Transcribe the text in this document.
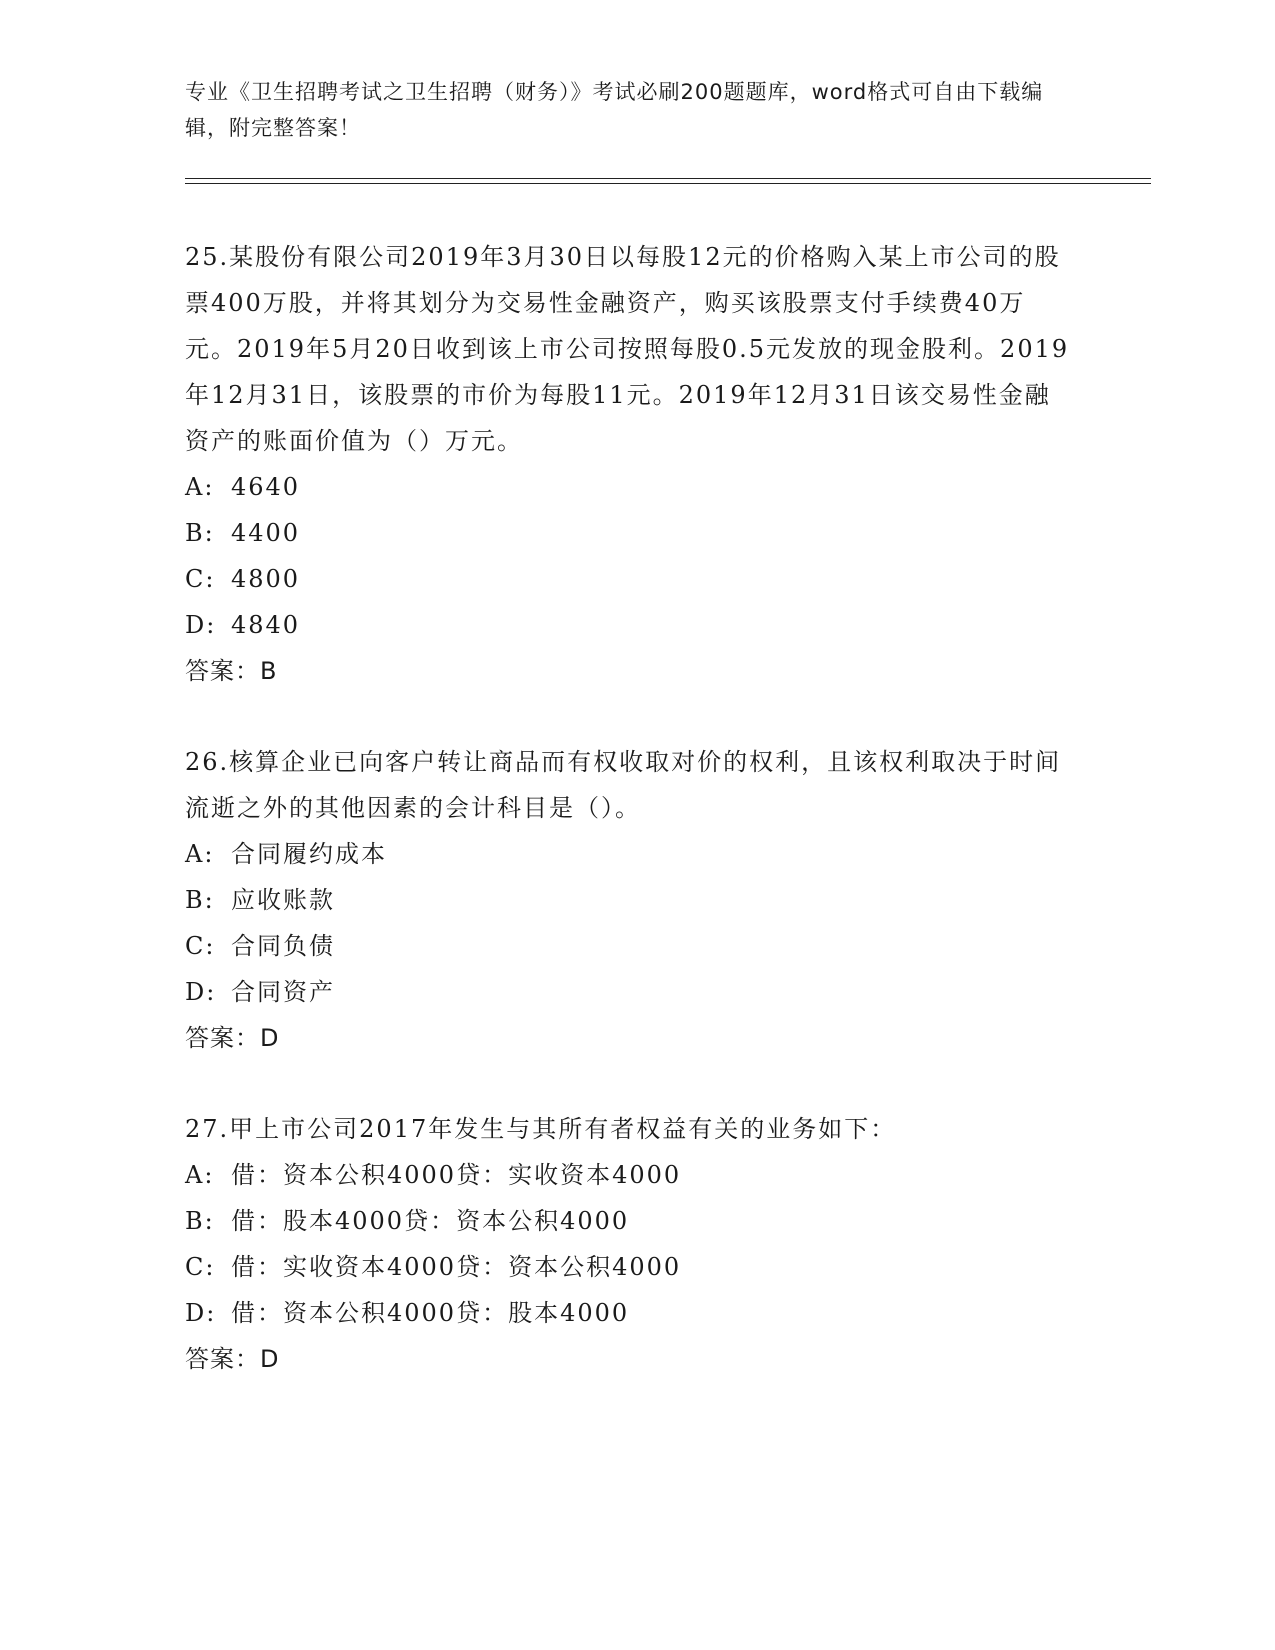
专业《卫生招聘考试之卫生招聘（财务）》考试必刷200题题库，word格式可自由下载编辑，附完整答案！
25.某股份有限公司2019年3月30日以每股12元的价格购入某上市公司的股票400万股，并将其划分为交易性金融资产，购买该股票支付手续费40万元。2019年5月20日收到该上市公司按照每股0.5元发放的现金股利。2019年12月31日，该股票的市价为每股11元。2019年12月31日该交易性金融资产的账面价值为（）万元。
A: 4640
B: 4400
C: 4800
D: 4840
答案：B
26.核算企业已向客户转让商品而有权收取对价的权利，且该权利取决于时间流逝之外的其他因素的会计科目是（）。
A: 合同履约成本
B: 应收账款
C: 合同负债
D: 合同资产
答案：D
27.甲上市公司2017年发生与其所有者权益有关的业务如下：
A: 借：资本公积4000贷：实收资本4000
B: 借：股本4000贷：资本公积4000
C: 借：实收资本4000贷：资本公积4000
D: 借：资本公积4000贷：股本4000
答案：D
